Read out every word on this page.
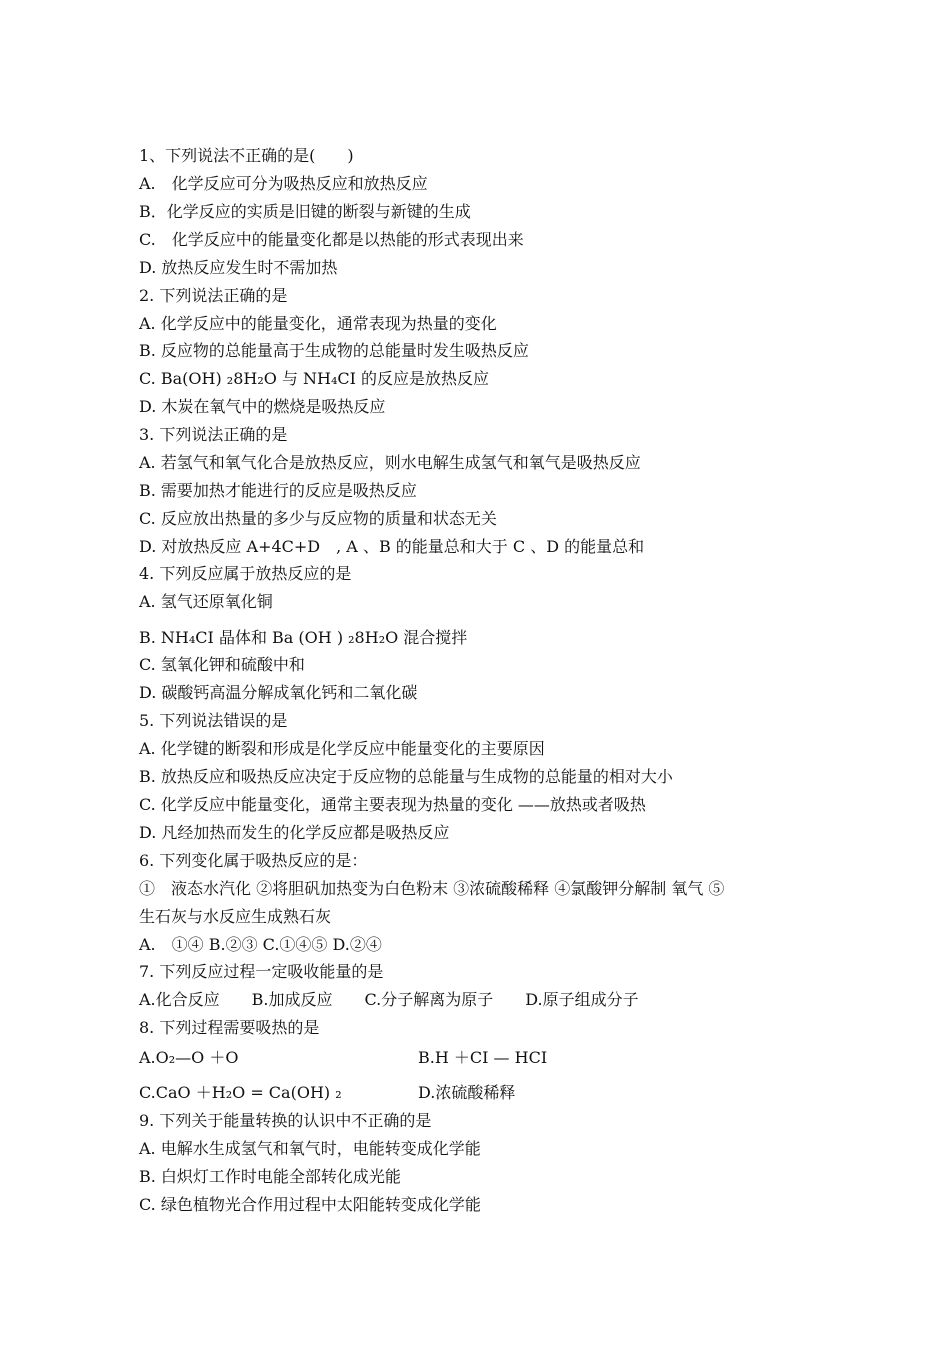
1、下列说法不正确的是(　　)
A.　化学反应可分为吸热反应和放热反应
B．化学反应的实质是旧键的断裂与新键的生成
C.　化学反应中的能量变化都是以热能的形式表现出来
D. 放热反应发生时不需加热
2. 下列说法正确的是
A. 化学反应中的能量变化，通常表现为热量的变化
B. 反应物的总能量高于生成物的总能量时发生吸热反应
C. Ba(OH) ₂8H₂O 与 NH₄CI 的反应是放热反应
D. 木炭在氧气中的燃烧是吸热反应
3. 下列说法正确的是
A. 若氢气和氧气化合是放热反应，则水电解生成氢气和氧气是吸热反应
B. 需要加热才能进行的反应是吸热反应
C. 反应放出热量的多少与反应物的质量和状态无关
D. 对放热反应 A+4C+D　, A 、B 的能量总和大于 C 、D 的能量总和
4. 下列反应属于放热反应的是
A. 氢气还原氧化铜
B. NH₄CI 晶体和 Ba (OH ) ₂8H₂O 混合搅拌
C. 氢氧化钾和硫酸中和
D. 碳酸钙高温分解成氧化钙和二氧化碳
5. 下列说法错误的是
A. 化学键的断裂和形成是化学反应中能量变化的主要原因
B. 放热反应和吸热反应决定于反应物的总能量与生成物的总能量的相对大小
C. 化学反应中能量变化，通常主要表现为热量的变化 ——放热或者吸热
D. 凡经加热而发生的化学反应都是吸热反应
6. 下列变化属于吸热反应的是：
①　液态水汽化 ②将胆矾加热变为白色粉末 ③浓硫酸稀释 ④氯酸钾分解制 氧气 ⑤
生石灰与水反应生成熟石灰
A.　①④ B.②③ C.①④⑤ D.②④
7. 下列反应过程一定吸收能量的是
A.化合反应　　B.加成反应　　C.分子解离为原子　　D.原子组成分子
8. 下列过程需要吸热的是
A.O₂—O ＋O	B.H ＋CI — HCI
C.CaO ＋H₂O = Ca(OH) ₂	D.浓硫酸稀释
9. 下列关于能量转换的认识中不正确的是
A. 电解水生成氢气和氧气时，电能转变成化学能
B. 白炽灯工作时电能全部转化成光能
C. 绿色植物光合作用过程中太阳能转变成化学能
